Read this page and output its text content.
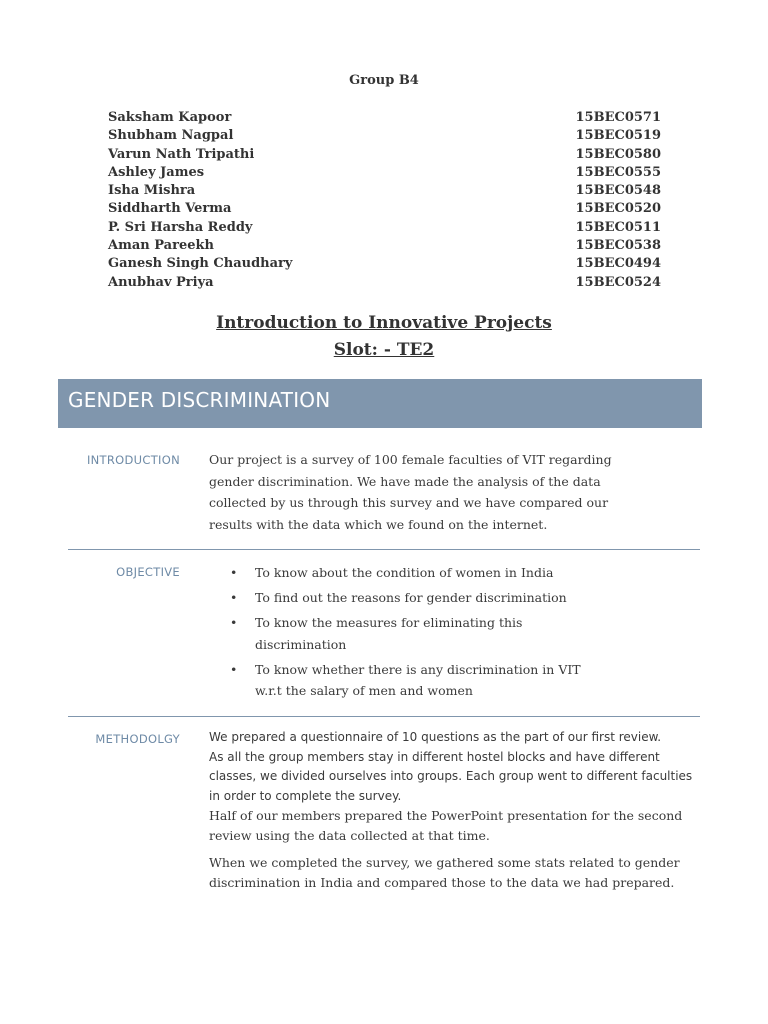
Group B4
Saksham Kapoor	15BEC0571
Shubham Nagpal	15BEC0519
Varun Nath Tripathi	15BEC0580
Ashley James	15BEC0555
Isha Mishra	15BEC0548
Siddharth Verma	15BEC0520
P. Sri Harsha Reddy	15BEC0511
Aman Pareekh	15BEC0538
Ganesh Singh Chaudhary	15BEC0494
Anubhav Priya	15BEC0524
Introduction to Innovative Projects
Slot: - TE2
GENDER DISCRIMINATION
INTRODUCTION Our project is a survey of 100 female faculties of VIT regarding
gender discrimination. We have made the analysis of the data
collected by us through this survey and we have compared our
results with the data which we found on the internet.
OBJECTIVE
•	To know about the condition of women in India
• To find out the reasons for gender discrimination
• To know the measures for eliminating this
discrimination
• To know whether there is any discrimination in VIT
w.r.t the salary of men and women
METHODOLGY We prepared a questionnaire of 10 questions as the part of our first review.
As all the group members stay in different hostel blocks and have different
classes, we divided ourselves into groups. Each group went to different faculties
in order to complete the survey.
Half of our members prepared the PowerPoint presentation for the second
review using the data collected at that time.
When we completed the survey, we gathered some stats related to gender
discrimination in India and compared those to the data we had prepared.
